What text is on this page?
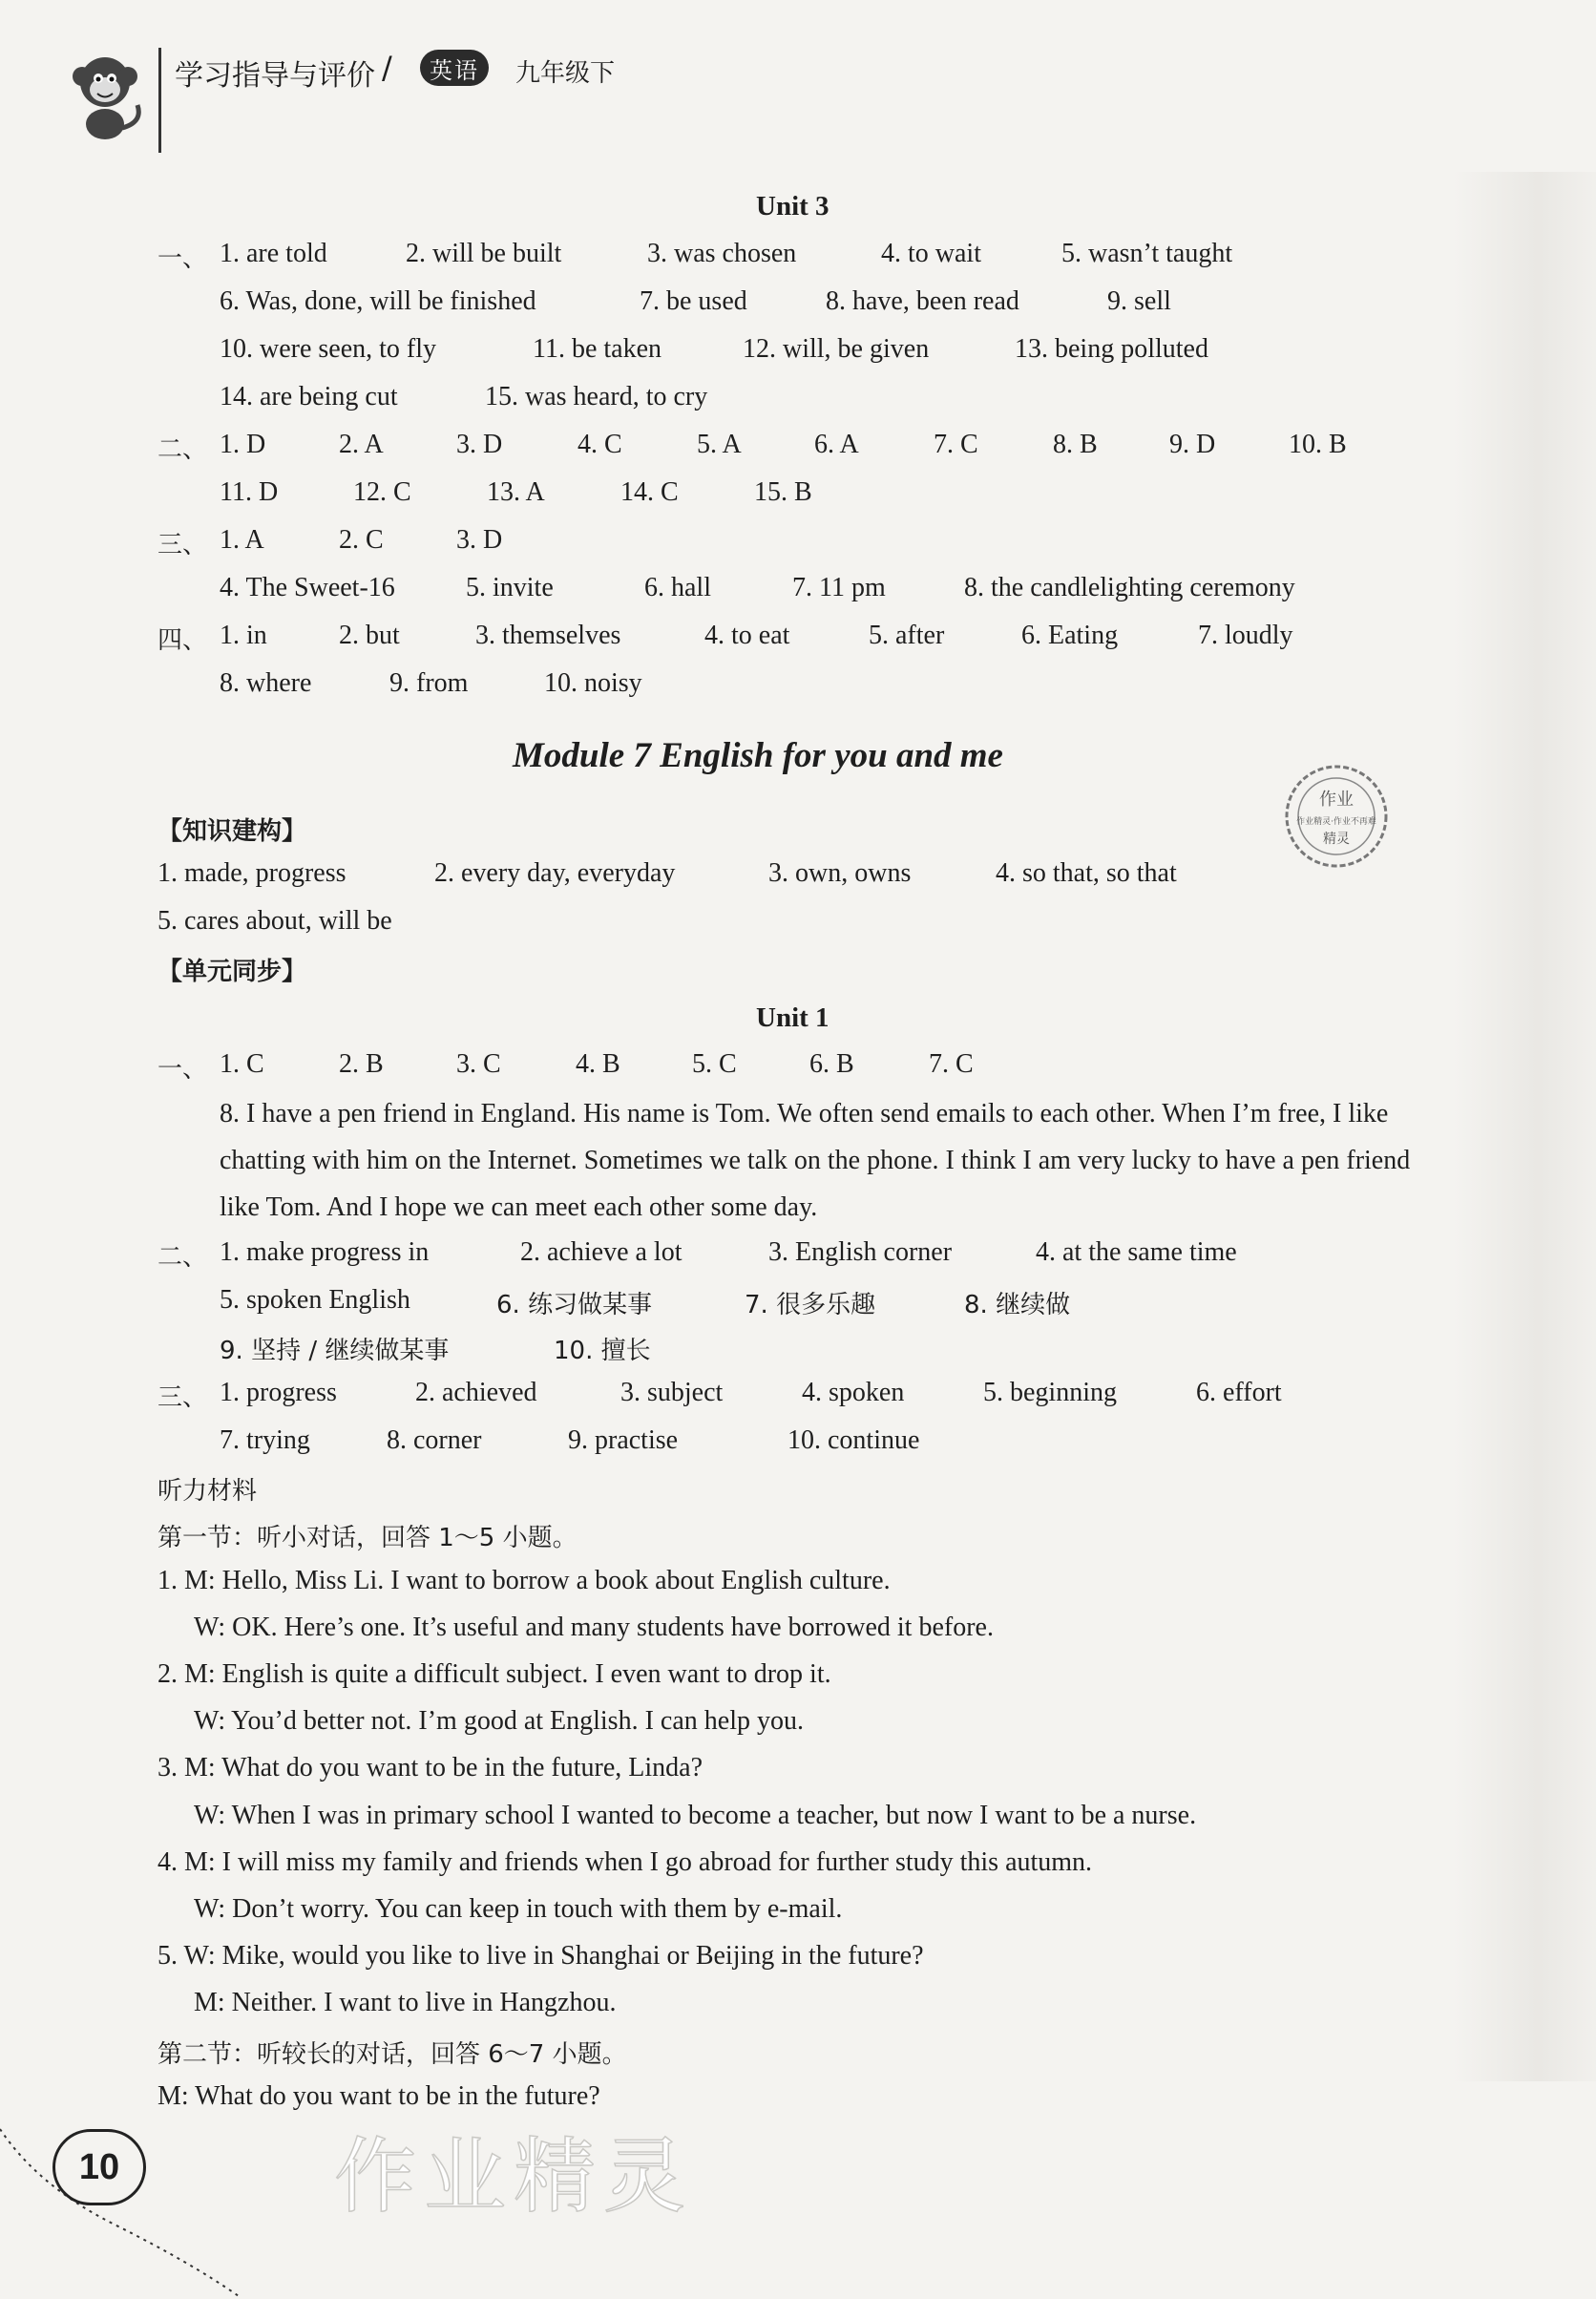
学习指导与评价 /	英语	九年级下
Unit 3
一、 1. are told	2. will be built	3. was chosen	4. to wait	5. wasn’t taught
6. Was, done, will be finished	7. be used	8. have, been read	9. sell
10. were seen, to fly	11. be taken	12. will, be given	13. being polluted
14. are being cut	15. was heard, to cry
二、 1. D	2. A	3. D	4. C	5. A	6. A	7. C	8. B	9. D	10. B
11. D	12. C	13. A	14. C	15. B
三、 1. A	2. C	3. D
4. The Sweet-16	5. invite	6. hall	7. 11 pm	8. the candlelighting ceremony
四、 1. in	2. but	3. themselves	4. to eat	5. after	6. Eating	7. loudly
8. where	9. from	10. noisy
Module 7 English for you and me
作业
作业精灵·作业不再难
精灵
【知识建构】
1. made, progress	2. every day, everyday	3. own, owns	4. so that, so that
5. cares about, will be
【单元同步】
Unit 1
一、 1. C	2. B	3. C	4. B	5. C	6. B	7. C
8. I have a pen friend in England. His name is Tom. We often send emails to each other. When I’m free, I like chatting with him on the Internet. Sometimes we talk on the phone. I think I am very lucky to have a pen friend like Tom. And I hope we can meet each other some day.
二、 1. make progress in	2. achieve a lot	3. English corner	4. at the same time
5. spoken English	6. 练习做某事	7. 很多乐趣	8. 继续做
9. 坚持 / 继续做某事	10. 擅长
三、 1. progress	2. achieved	3. subject	4. spoken	5. beginning	6. effort
7. trying	8. corner	9. practise	10. continue
听力材料
第一节：听小对话，回答 1～5 小题。
1. M: Hello, Miss Li. I want to borrow a book about English culture.
W: OK. Here’s one. It’s useful and many students have borrowed it before.
2. M: English is quite a difficult subject. I even want to drop it.
W: You’d better not. I’m good at English. I can help you.
3. M: What do you want to be in the future, Linda?
W: When I was in primary school I wanted to become a teacher, but now I want to be a nurse.
4. M: I will miss my family and friends when I go abroad for further study this autumn.
W: Don’t worry. You can keep in touch with them by e-mail.
5. W: Mike, would you like to live in Shanghai or Beijing in the future?
M: Neither. I want to live in Hangzhou.
第二节：听较长的对话，回答 6～7 小题。
M: What do you want to be in the future?
10	作业精灵
